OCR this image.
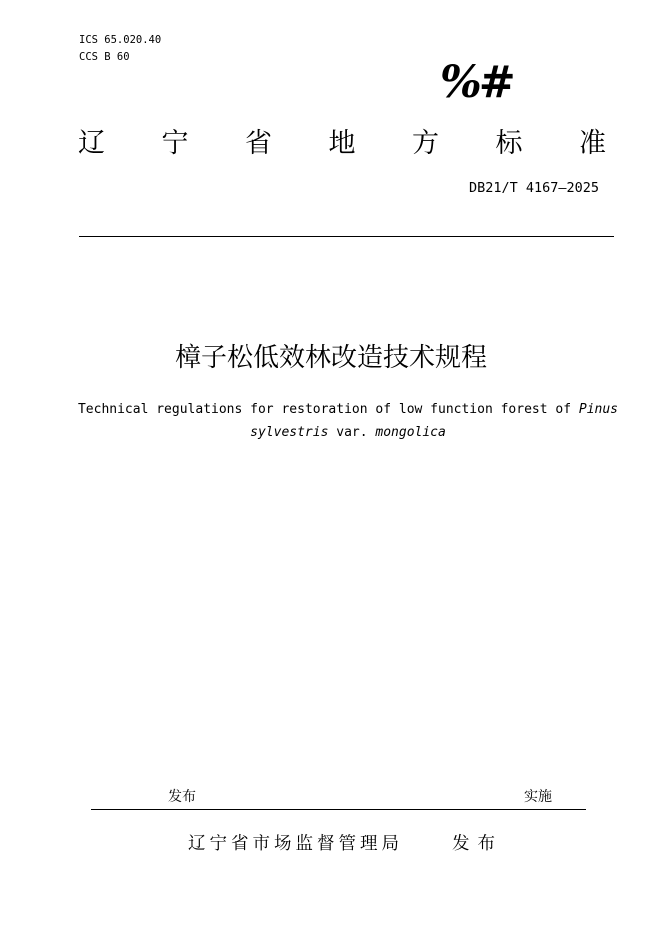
ICS 65.020.40
CCS B 60	%#
辽 宁 省 地 方 标 准
DB21/T 4167—2025
樟子松低效林改造技术规程
Technical regulations for restoration of low function forest of Pinus
sylvestris var. mongolica
发布	实施
辽宁省市场监督管理局	发布
